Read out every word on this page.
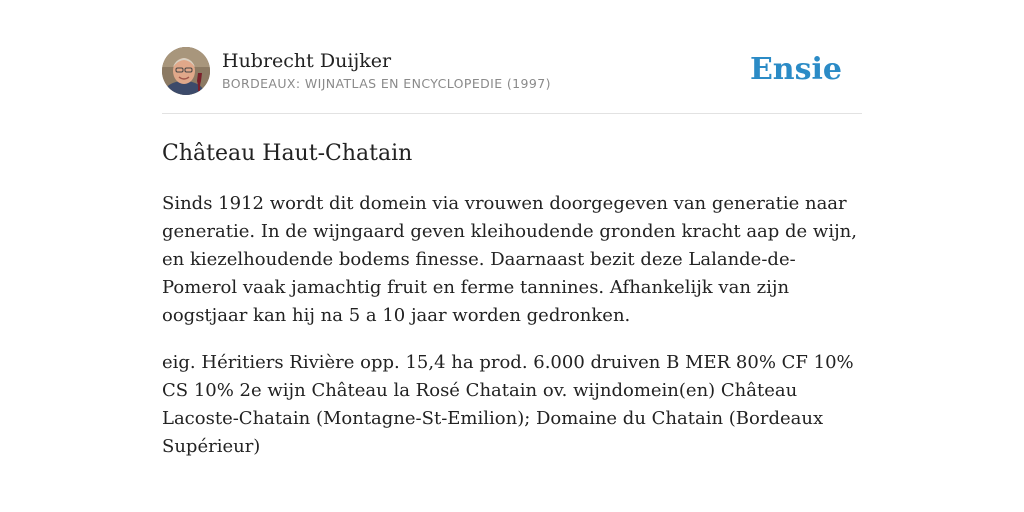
Hubrecht Duijker
BORDEAUX: WIJNATLAS EN ENCYCLOPEDIE (1997)	Ensie
Château Haut-Chatain

Sinds 1912 wordt dit domein via vrouwen doorgegeven van generatie naar generatie. In de wijngaard geven kleihoudende gronden kracht aap de wijn, en kiezelhoudende bodems finesse. Daarnaast bezit deze Lalande-de-Pomerol vaak jamachtig fruit en ferme tannines. Afhankelijk van zijn oogstjaar kan hij na 5 a 10 jaar worden gedronken.

eig. Héritiers Rivière opp. 15,4 ha prod. 6.000 druiven B MER 80% CF 10% CS 10% 2e wijn Château la Rosé Chatain ov. wijndomein(en) Château Lacoste-Chatain (Montagne-St-Emilion); Domaine du Chatain (Bordeaux Supérieur)
